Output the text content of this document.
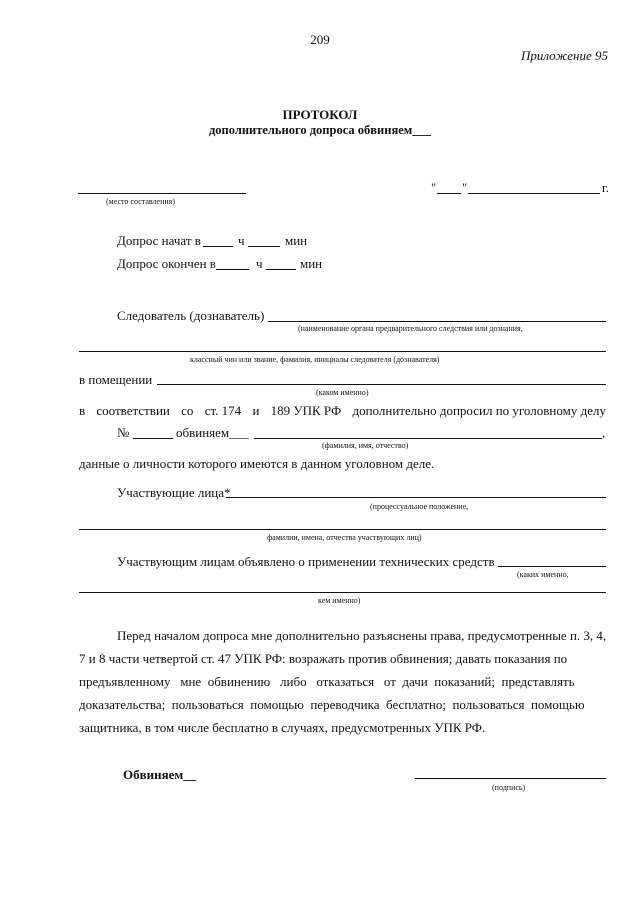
209
Приложение 95
ПРОТОКОЛ
дополнительного допроса обвиняем___
(место составления)
" "	г.
Допрос начат в	ч	мин
Допрос окончен в	ч	мин
Следователь (дознаватель)
(наименование органа предварительного следствия или дознания,
классный чин или звание, фамилия, инициалы следователя (дознавателя)
в помещении
(каком именно)
в соответствии со ст. 174 и 189 УПК РФ дополнительно допросил по уголовному делу
№	обвиняем___	,
(фамилия, имя, отчество)
данные о личности которого имеются в данном уголовном деле.
Участвующие лица*
(процессуальное положение,
фамилии, имена, отчества участвующих лиц)
Участвующим лицам объявлено о применении технических средств
(каких именно,
кем именно)
Перед началом допроса мне дополнительно разъяснены права, предусмотренные п. 3, 4,
7 и 8 части четвертой ст. 47 УПК РФ: возражать против обвинения; давать показания по
предъявленному   мне  обвинению   либо   отказаться   от  дачи  показаний;  представлять
доказательства;  пользоваться  помощью  переводчика  бесплатно;  пользоваться  помощью
защитника, в том числе бесплатно в случаях, предусмотренных УПК РФ.
Обвиняем__
(подпись)
